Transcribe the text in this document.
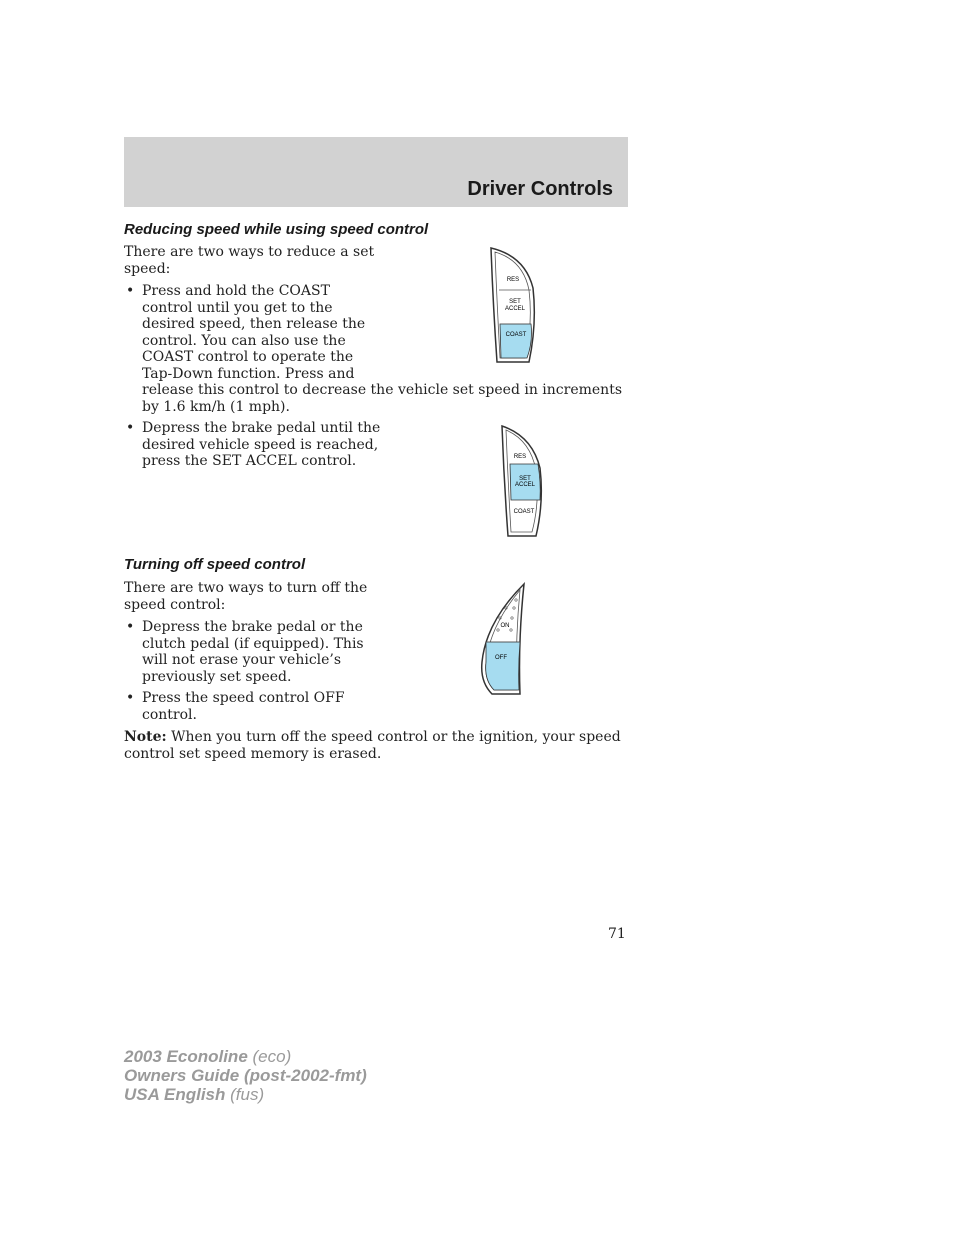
Driver Controls
Reducing speed while using speed control
There are two ways to reduce a set speed:
• Press and hold the COAST control until you get to the desired speed, then release the control. You can also use the COAST control to operate the Tap-Down function. Press and
release this control to decrease the vehicle set speed in increments by 1.6 km/h (1 mph).
• Depress the brake pedal until the desired vehicle speed is reached, press the SET ACCEL control.
RES
SET
ACCEL
COAST
RES
SET
ACCEL
COAST
Turning off speed control
There are two ways to turn off the speed control:
• Depress the brake pedal or the clutch pedal (if equipped). This will not erase your vehicle’s previously set speed.
• Press the speed control OFF control.
Note: When you turn off the speed control or the ignition, your speed control set speed memory is erased.
ON
OFF
71
2003 Econoline (eco)
Owners Guide (post-2002-fmt)
USA English (fus)
